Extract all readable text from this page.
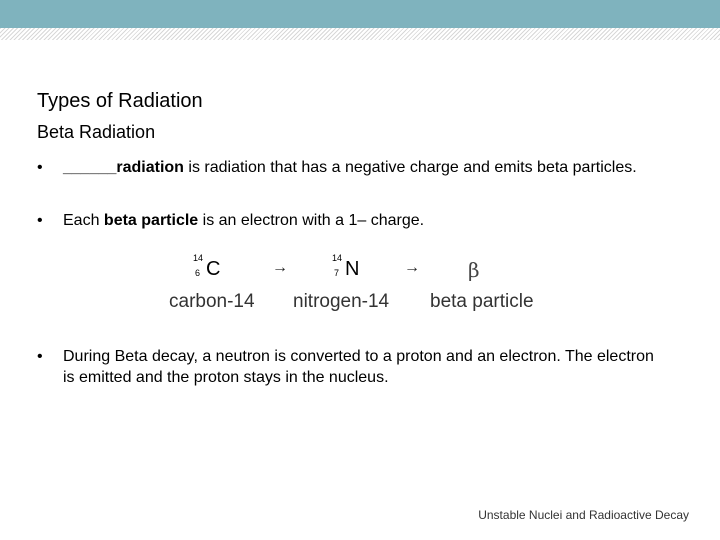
Types of Radiation
Beta Radiation
• ______radiation is radiation that has a negative charge and emits beta particles.
• Each beta particle is an electron with a 1– charge.
14
6 C	→
14
7 N	→ β
carbon-14 nitrogen-14 beta particle
• During Beta decay, a neutron is converted to a proton and an electron. The electron is emitted and the proton stays in the nucleus.
Unstable Nuclei and Radioactive Decay
